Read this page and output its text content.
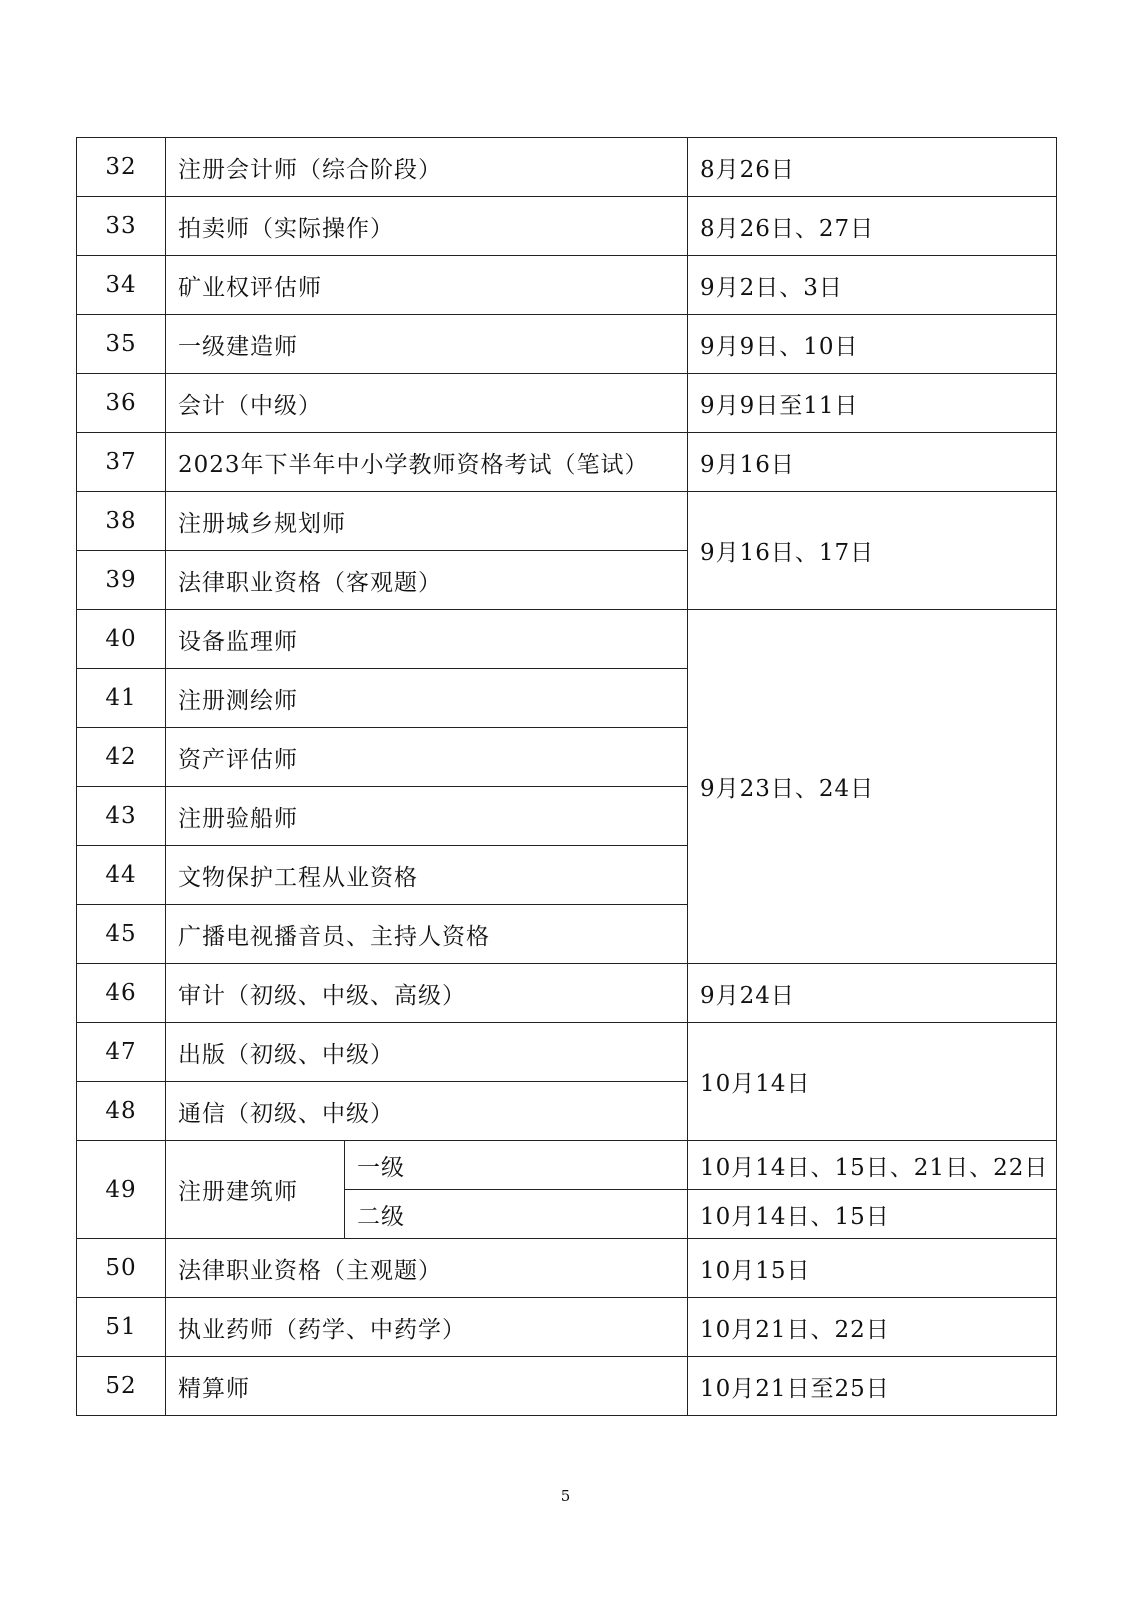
32	注册会计师（综合阶段）		8月26日
33	拍卖师（实际操作）		8月26日、27日
34	矿业权评估师		9月2日、3日
35	一级建造师		9月9日、10日
36	会计（中级）		9月9日至11日
37	2023年下半年中小学教师资格考试（笔试）		9月16日
38	注册城乡规划师		9月16日、17日
39	法律职业资格（客观题）		
40	设备监理师		9月23日、24日
41	注册测绘师		
42	资产评估师		
43	注册验船师		
44	文物保护工程从业资格		
45	广播电视播音员、主持人资格		
46	审计（初级、中级、高级）		9月24日
47	出版（初级、中级）		10月14日
48	通信（初级、中级）		
49	注册建筑师	一级	10月14日、15日、21日、22日
		二级	10月14日、15日
50	法律职业资格（主观题）		10月15日
51	执业药师（药学、中药学）		10月21日、22日
52	精算师		10月21日至25日
5
